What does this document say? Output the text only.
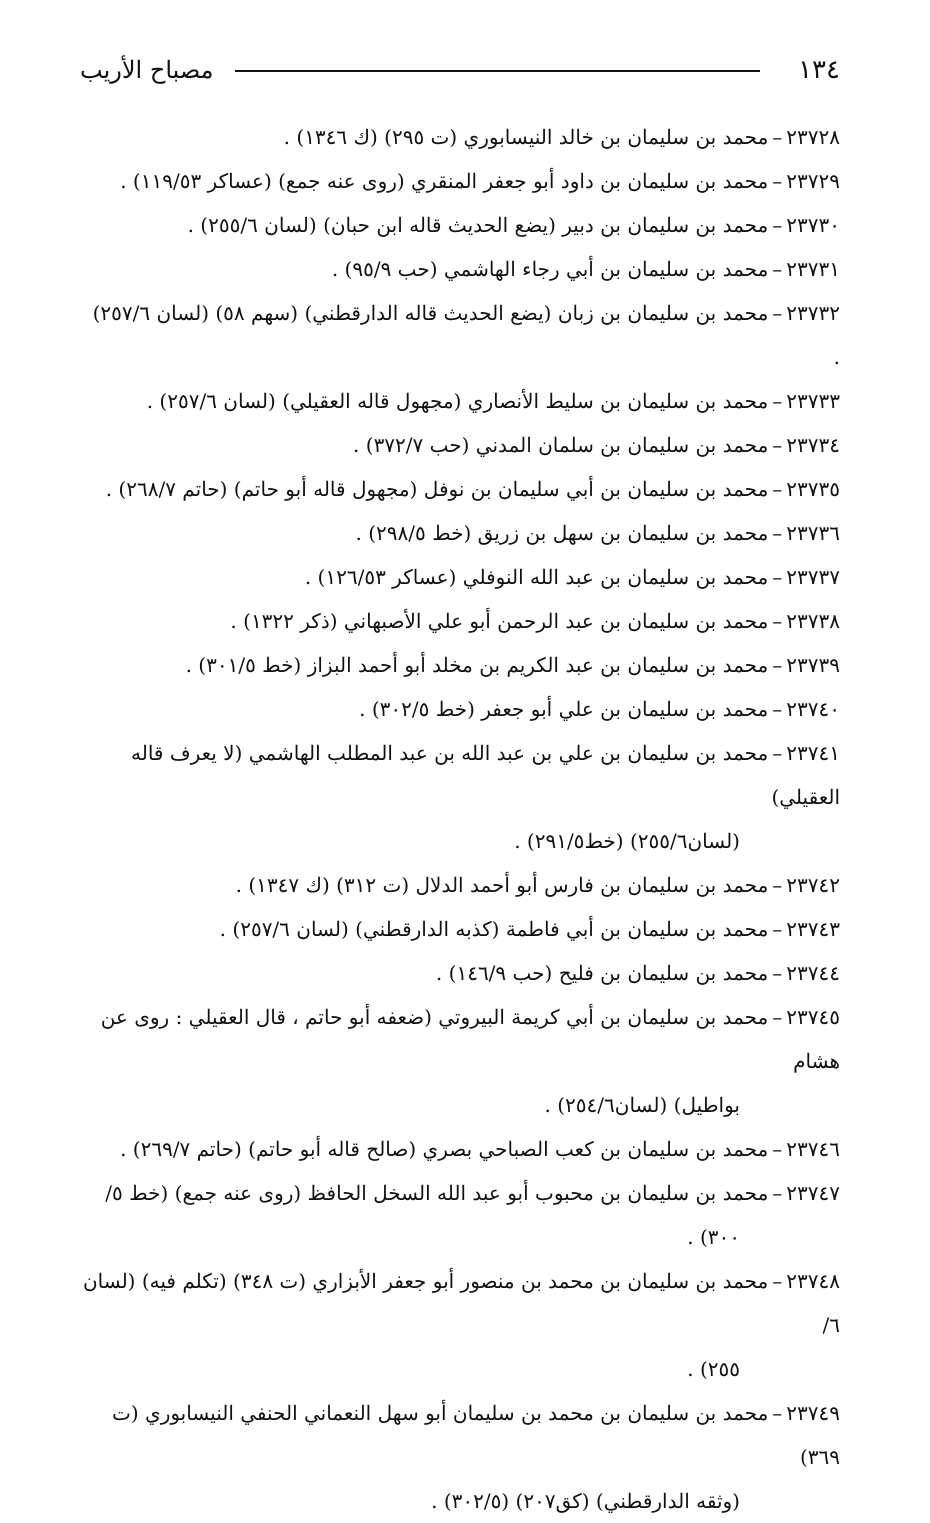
١٣٤
مصباح الأريب
٢٣٧٢٨–محمد بن سليمان بن خالد النيسابوري (ت ٢٩٥) (ك ١٣٤٦) .
٢٣٧٢٩–محمد بن سليمان بن داود أبو جعفر المنقري (روى عنه جمع) (عساكر ١١٩/٥٣) .
٢٣٧٣٠–محمد بن سليمان بن دبير (يضع الحديث قاله ابن حبان) (لسان ٢٥٥/٦) .
٢٣٧٣١–محمد بن سليمان بن أبي رجاء الهاشمي (حب ٩٥/٩) .
٢٣٧٣٢–محمد بن سليمان بن زبان (يضع الحديث قاله الدارقطني) (سهم ٥٨) (لسان ٢٥٧/٦) .
٢٣٧٣٣–محمد بن سليمان بن سليط الأنصاري (مجهول قاله العقيلي) (لسان ٢٥٧/٦) .
٢٣٧٣٤–محمد بن سليمان بن سلمان المدني (حب ٣٧٢/٧) .
٢٣٧٣٥–محمد بن سليمان بن أبي سليمان بن نوفل (مجهول قاله أبو حاتم) (حاتم ٢٦٨/٧) .
٢٣٧٣٦–محمد بن سليمان بن سهل بن زريق (خط ٢٩٨/٥) .
٢٣٧٣٧–محمد بن سليمان بن عبد الله النوفلي (عساكر ١٢٦/٥٣) .
٢٣٧٣٨–محمد بن سليمان بن عبد الرحمن أبو علي الأصبهاني (ذكر ١٣٢٢) .
٢٣٧٣٩–محمد بن سليمان بن عبد الكريم بن مخلد أبو أحمد البزاز (خط ٣٠١/٥) .
٢٣٧٤٠–محمد بن سليمان بن علي أبو جعفر (خط ٣٠٢/٥) .
٢٣٧٤١–محمد بن سليمان بن علي بن عبد الله بن عبد المطلب الهاشمي (لا يعرف قاله العقيلي)
(لسان٢٥٥/٦) (خط٢٩١/٥) .
٢٣٧٤٢–محمد بن سليمان بن فارس أبو أحمد الدلال (ت ٣١٢) (ك ١٣٤٧) .
٢٣٧٤٣–محمد بن سليمان بن أبي فاطمة (كذبه الدارقطني) (لسان ٢٥٧/٦) .
٢٣٧٤٤–محمد بن سليمان بن فليح (حب ١٤٦/٩) .
٢٣٧٤٥–محمد بن سليمان بن أبي كريمة البيروتي (ضعفه أبو حاتم ، قال العقيلي : روى عن هشام
بواطيل) (لسان٢٥٤/٦) .
٢٣٧٤٦–محمد بن سليمان بن كعب الصباحي بصري (صالح قاله أبو حاتم) (حاتم ٢٦٩/٧) .
٢٣٧٤٧–محمد بن سليمان بن محبوب أبو عبد الله السخل الحافظ (روى عنه جمع) (خط ٥/
٣٠٠) .
٢٣٧٤٨–محمد بن سليمان بن محمد بن منصور أبو جعفر الأبزاري (ت ٣٤٨) (تكلم فيه) (لسان ٦/
٢٥٥) .
٢٣٧٤٩–محمد بن سليمان بن محمد بن سليمان أبو سهل النعماني الحنفي النيسابوري (ت ٣٦٩)
(وثقه الدارقطني) (كق٢٠٧) (٣٠٢/٥) .
